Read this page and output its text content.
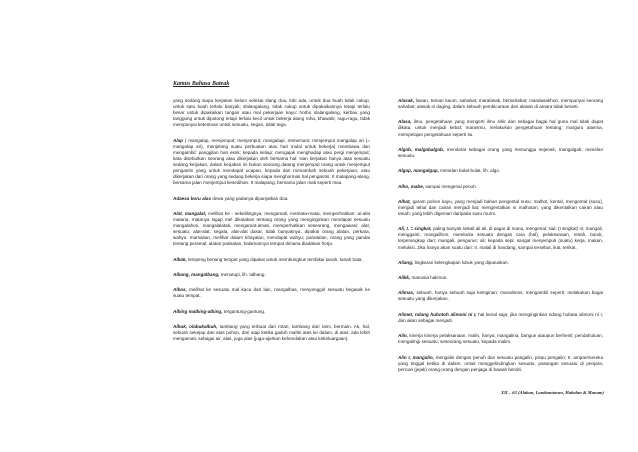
Kamus Bahasa Bateak

yang sedang siapa kerjakan belum selesai slang dua, lobi ada, untuk dua buah tidak cukup, untuk satu buah terlalu banyak; slalangalang, tidak cukup untuk dipakaikannya tetapi terlalu besar untuk dipakaikan tangan atau mal pekerjaan kayu: horbo slalangalang, kerbau yang tanggung untuk dipotong tetapi terlalu kecil untuk bekerja alang roha, khawatir, ragu-ragu, tidak mempunyai ketentuan untuk sesuatu, segan, tidak tega.

Alap ( mangalap, menjemput; menjemput; mangalapi, menemani; menjemput mangalap ari (= mangalap ari), menjelang suatu perbuatan atau hari mulai untuk bekerja) membawa dan mengambil: panggilan hari esok; kepada setiap: mengajak menghadap atau pergi menjemput; kata disebutkan seorang atau dikerjakan oleh bersama hal: sian kerjakan hanya atas sesuatu sedang kerjakan, dalam kerjakan ini bukan seorang datang menjemput orang untuk menjemput pengantin yang untuk mendapat ucapan, kepada dan menambah sebuah pekerjaan, atau dikerjakan dari orang yang sedang bekerja siapa menghormati hal pengantin. It malapang-alang, bersama jalan menjemput kesedihan. It malapang, bersama jalan mati seperti mau.

Adaesa boru alas dewa yang padanya dipanjatkan doa.

Alat, mangalat, melihat ke - sekelilingnya, mengamati, memata-matai, memperhatikan: ai-alat matana, matanya sigap mel dikatakan tentang orang yang menginginkan mendapat sesuatu mangalahon, mangalalatati, mengamat-amati, memperhatikan seseorang, mengawasi; alat, sesuatu; alat-alat, segala, alat-alat dasar, tidak banyaknya, dipakai orang alatan, perkara, wahyu: marsaitan, melihat dalam khayalan, mendapat wahyu; paraitalan, orang yang pandai tentang peramal; alatan patisatan, halamannya tempat dimana diadakan horja.

Albak, lempeng benang tempat yang dipakai untuk membungkus tembikai tanah, tanah bata.

Albang, mangalbang, menutupi, lih. talbang.

Albas, melihat ke sesuatu mal kaca dari lain, mangalbas, menyenggol sesuatu begawik ke suatu tempat.

Albing malbing-albing, tergantung-gantung.

Albuk, olabukalbuh, tambang yang terbuat dari rotan, tambang dari rami, bermain. Ak, hal, sebuah sekejap dari atas pohon, dari atap ketika gaduh mahki atas ke dalam, di atas; ada lebih mengamati, sebagai air, alas, juga alas (juga-ajarkan kehendakan atau kekeluargaan).

Alasak, lawan, teman kaum, sahabat; maralasak, bersahabat; maralasakhon, mempunyai seorang sahabat; alasak ni daging, dalam sebuah pembicaraan dan alasan di antara tidak berarti.

Alasa, ilmu, pengetahuan yang mengerti ilmu sihir dan sebagai bagai hal guna mal tidak dapat dikata, untuk menjadi kebal; marasmu, melakukan pengetahuan tentang; marguru alasma, mempelajari pengetahuan seperti itu.

Algab, malgabalgab, mendarat sebagai orang yang menunggu sejenak; mangalgab, menelan sesuatu.

Algap, mangalgap, menelan bulat-bulat, lih. algo.

Alho, mabe, sampai mengenal penuh.

Alhat, garam pohon kayu, yang menjadi bahan pengental susu; malhot, kental, mengental (susu), menjadi tebal dan cairan menjadi liat; mengentalkan ni malhotan, yang dikentalkan cairan atau tanah; yang lebih digemari daripada susu murni.

Ali, I. = singkat, paling banyak sekali ali ali, di pagar di mana, mengenal; sial; (I singkat) ni; mangali, mengganti; mangalihon, membuka sesuatu dengan cara (hal), pelaksanaan, resah, buruk, terperangkap dari; mangali, pengurus; ali; kepada sepi: sangat menjemputi (suatu) kerja, makan, melukisi. Jika hanya akan suatu dari: II. malali di handang, sampai tersebut, ikat, terikat.

Aliang, lingkaran kelengkapan lubuk yang diputuskan.

Alikk, manusia halimun.

Alimas, sebuah, hanya sebuah saja keinginan; manalimos, mengambil seperti; melakukan bagai sesuatu yang dikerjakan.

Alimet, ndang hubotoh alimoni ni I, hal kenal saja; jika menginginkan ndang hubata alimoni ni I, dan akan sebagai menjadi.

Alin, kinerja kinerja pelaksanaan, malin, hanya; mangalina, bangun ataupun berhenti; pendahuluan, mengalingi sesuatu; seseorang sesuatu, kepada malim.

Alin I, mangalin, mengalin dengan penuh dan sesuatu pangalin, pisau pengalin; II. ampar/mereka yang tinggal ketika di dalam, untuk menggelindingkan sesuatu, pasangan sesuatu di penjara; pencari (jejak) orang-orang dengan penjaga di bawah berdiri.

XII – 63 (Alaban, Landaantoran, Habalan & Manam)
